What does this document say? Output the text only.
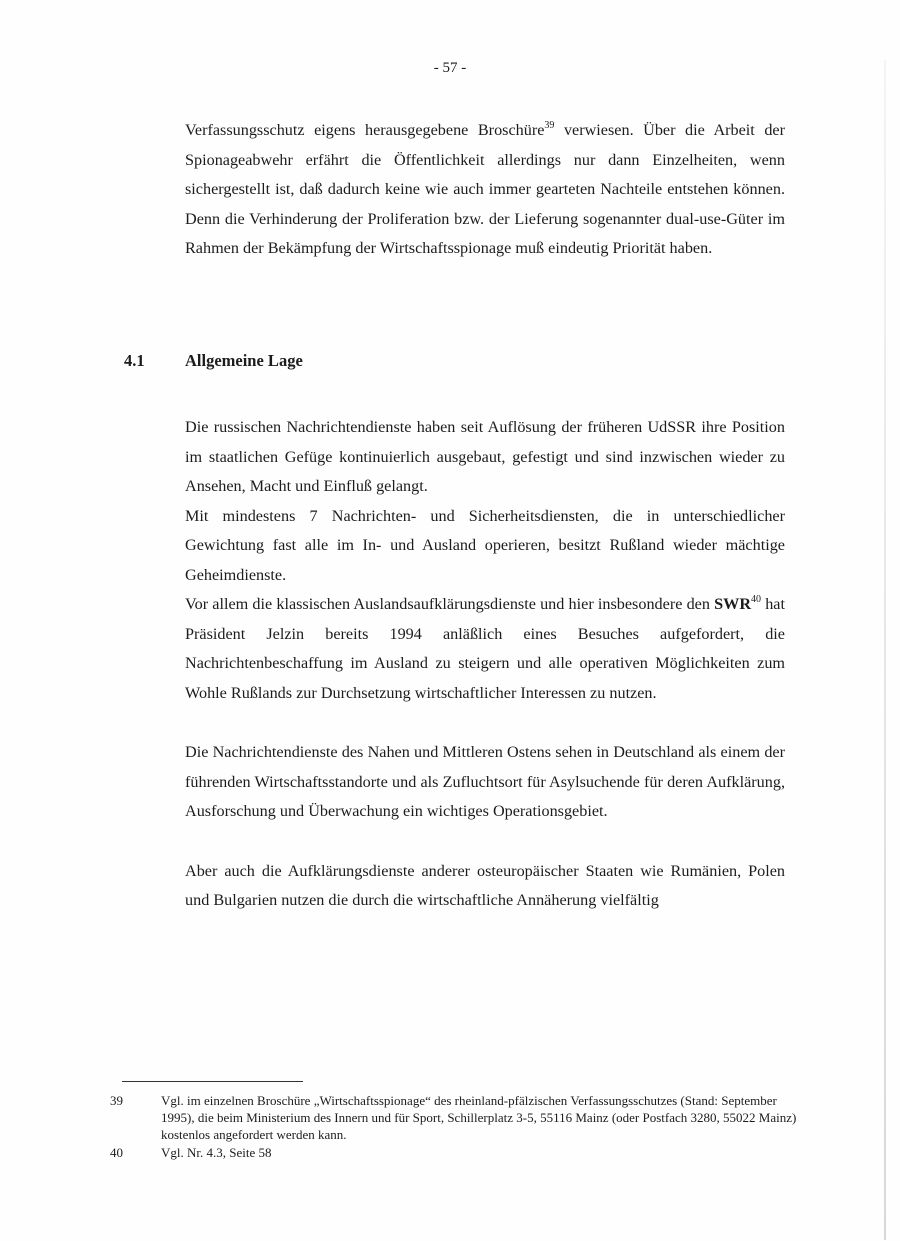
- 57 -

Verfassungsschutz eigens herausgegebene Broschüre$^{39}$ verwiesen. Über die Arbeit der Spionageabwehr erfährt die Öffentlichkeit allerdings nur dann Einzelheiten, wenn sichergestellt ist, daß dadurch keine wie auch immer gearteten Nachteile entstehen können. Denn die Verhinderung der Proliferation bzw. der Lieferung sogenannter dual-use-Güter im Rahmen der Bekämpfung der Wirtschaftsspionage muß eindeutig Priorität haben.

4.1 Allgemeine Lage

Die russischen Nachrichtendienste haben seit Auflösung der früheren UdSSR ihre Position im staatlichen Gefüge kontinuierlich ausgebaut, gefestigt und sind inzwischen wieder zu Ansehen, Macht und Einfluß gelangt.

Mit mindestens 7 Nachrichten- und Sicherheitsdiensten, die in unterschiedlicher Gewichtung fast alle im In- und Ausland operieren, besitzt Rußland wieder mächtige Geheimdienste.

Vor allem die klassischen Auslandsaufklärungsdienste und hier insbesondere den SWR$^{40}$ hat Präsident Jelzin bereits 1994 anläßlich eines Besuches aufgefordert, die Nachrichtenbeschaffung im Ausland zu steigern und alle operativen Möglichkeiten zum Wohle Rußlands zur Durchsetzung wirtschaftlicher Interessen zu nutzen.

Die Nachrichtendienste des Nahen und Mittleren Ostens sehen in Deutschland als einem der führenden Wirtschaftsstandorte und als Zufluchtsort für Asylsuchende für deren Aufklärung, Ausforschung und Überwachung ein wichtiges Operationsgebiet.

Aber auch die Aufklärungsdienste anderer osteuropäischer Staaten wie Rumänien, Polen und Bulgarien nutzen die durch die wirtschaftliche Annäherung vielfältig

39	Vgl. im einzelnen Broschüre „Wirtschaftsspionage“ des rheinland-pfälzischen Verfassungsschutzes (Stand: September 1995), die beim Ministerium des Innern und für Sport, Schillerplatz 3-5, 55116 Mainz (oder Postfach 3280, 55022 Mainz) kostenlos angefordert werden kann.
40	Vgl. Nr. 4.3, Seite 58
